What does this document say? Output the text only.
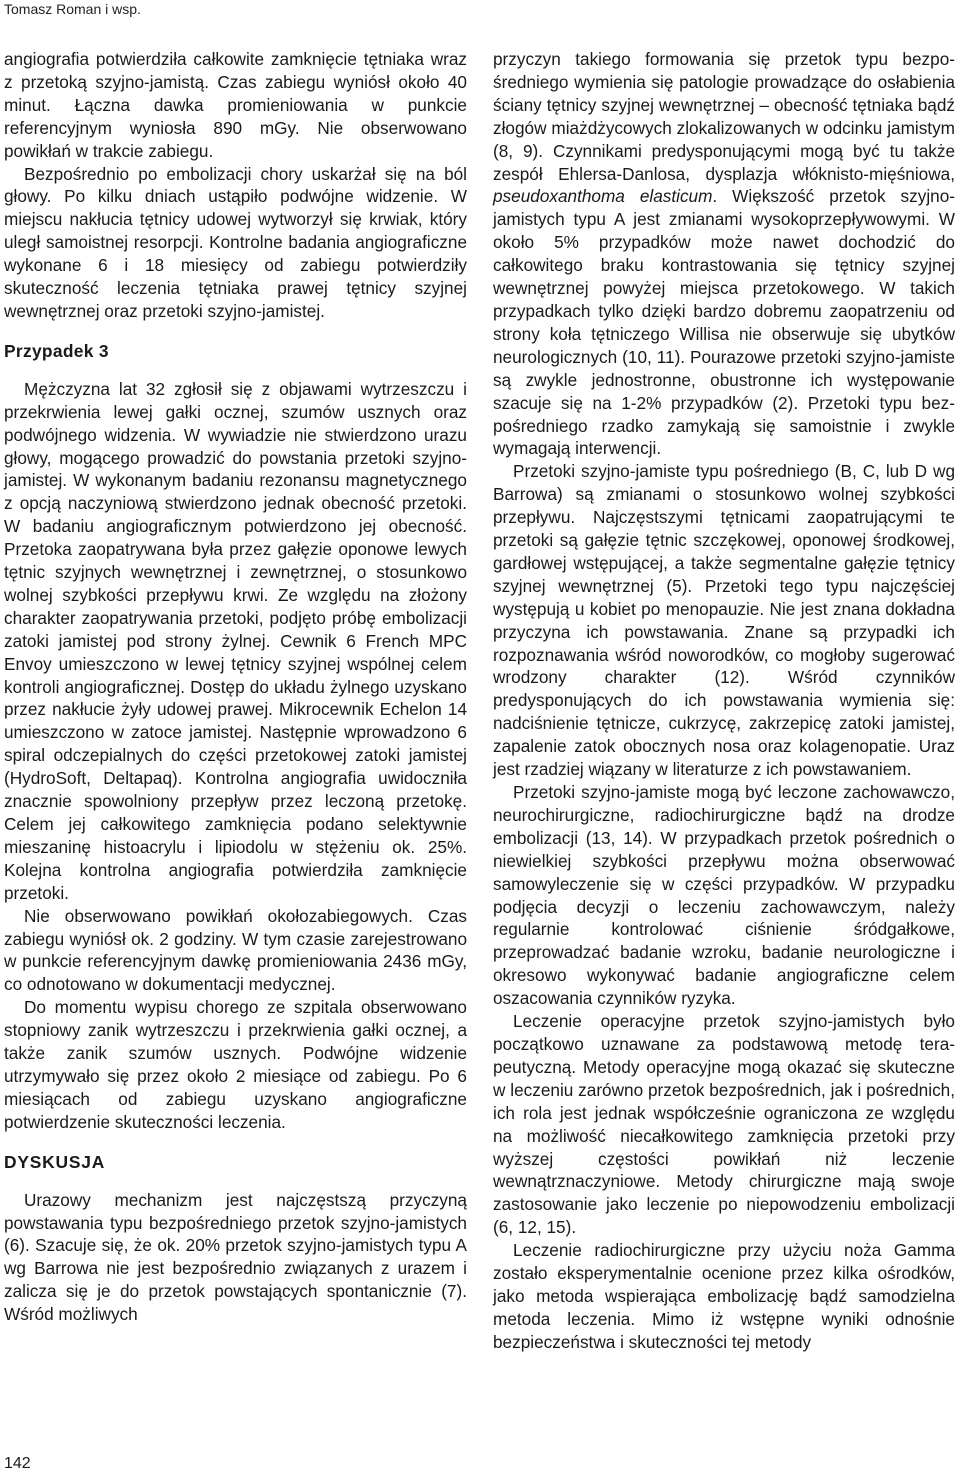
Tomasz Roman i wsp.

angiografia potwierdziła całkowite zamknięcie tętniaka wraz z przetoką szyjno-jamistą. Czas zabiegu wyniósł około 40 minut. Łączna dawka promieniowania w punkcie referencyjnym wyniosła 890 mGy. Nie obserwowano powikłań w trakcie zabiegu.

Bezpośrednio po embolizacji chory uskarżał się na ból głowy. Po kilku dniach ustąpiło podwójne widzenie. W miejscu nakłucia tętnicy udowej wytworzył się krwiak, który uległ samoistnej resorpcji. Kontrolne badania angiograficzne wykonane 6 i 18 miesięcy od zabiegu potwierdziły skuteczność leczenia tętniaka prawej tętnicy szyjnej wewnętrznej oraz przetoki szyjno-jamistej.

Przypadek 3

Mężczyzna lat 32 zgłosił się z objawami wytrzeszczu i przekrwienia lewej gałki ocznej, szumów usznych oraz podwójnego widzenia. W wywiadzie nie stwierdzono urazu głowy, mogącego prowadzić do powstania przetoki szyjno-jamistej. W wykonanym badaniu rezonansu magnetycznego z opcją naczyniową stwierdzono jednak obecność przetoki. W badaniu angiograficznym potwierdzono jej obecność. Przetoka zaopatrywana była przez gałęzie oponowe lewych tętnic szyjnych wewnętrznej i zewnętrznej, o stosunkowo wolnej szybkości przepływu krwi. Ze względu na złożony charakter zaopatrywania przetoki, podjęto próbę embolizacji zatoki jamistej pod strony żylnej. Cewnik 6 French MPC Envoy umieszczono w lewej tętnicy szyjnej wspólnej celem kontroli angiograficznej. Dostęp do układu żylnego uzyskano przez nakłucie żyły udowej prawej. Mikrocewnik Echelon 14 umieszczono w zatoce jamistej. Następnie wprowadzono 6 spiral odczepialnych do części przetokowej zatoki jamistej (HydroSoft, Deltapaq). Kontrolna angiografia uwidoczniła znacznie spowolniony przepływ przez leczoną przetokę. Celem jej całkowitego zamknięcia podano selektywnie mieszaninę histoacrylu i lipiodolu w stężeniu ok. 25%. Kolejna kontrolna angiografia potwierdziła zamknięcie przetoki.

Nie obserwowano powikłań okołozabiegowych. Czas zabiegu wyniósł ok. 2 godziny. W tym czasie zarejestrowano w punkcie referencyjnym dawkę promieniowania 2436 mGy, co odnotowano w dokumentacji medycznej.

Do momentu wypisu chorego ze szpitala obserwowano stopniowy zanik wytrzeszczu i przekrwienia gałki ocznej, a także zanik szumów usznych. Podwójne widzenie utrzymywało się przez około 2 miesiące od zabiegu. Po 6 miesiącach od zabiegu uzyskano angiograficzne potwierdzenie skuteczności leczenia.

DYSKUSJA

Urazowy mechanizm jest najczęstszą przyczyną powstawania typu bezpośredniego przetok szyjno-jamistych (6). Szacuje się, że ok. 20% przetok szyjno-jamistych typu A wg Barrowa nie jest bezpośrednio związanych z urazem i zalicza się je do przetok powstających spontanicznie (7). Wśród możliwych

przyczyn takiego formowania się przetok typu bezpośredniego wymienia się patologie prowadzące do osłabienia ściany tętnicy szyjnej wewnętrznej – obecność tętniaka bądź złogów miażdżycowych zlokalizowanych w odcinku jamistym (8, 9). Czynnikami predysponującymi mogą być tu także zespół Ehlersa-Danlosa, dysplazja włóknisto-mięśniowa, pseudoxanthoma elasticum. Większość przetok szyjno-jamistych typu A jest zmianami wysokoprzepływowymi. W około 5% przypadków może nawet dochodzić do całkowitego braku kontrastowania się tętnicy szyjnej wewnętrznej powyżej miejsca przetokowego. W takich przypadkach tylko dzięki bardzo dobremu zaopatrzeniu od strony koła tętniczego Willisa nie obserwuje się ubytków neurologicznych (10, 11). Pourazowe przetoki szyjno-jamiste są zwykle jednostronne, obustronne ich występowanie szacuje się na 1-2% przypadków (2). Przetoki typu bezpośredniego rzadko zamykają się samoistnie i zwykle wymagają interwencji.

Przetoki szyjno-jamiste typu pośredniego (B, C, lub D wg Barrowa) są zmianami o stosunkowo wolnej szybkości przepływu. Najczęstszymi tętnicami zaopatrującymi te przetoki są gałęzie tętnic szczękowej, oponowej środkowej, gardłowej wstępującej, a także segmentalne gałęzie tętnicy szyjnej wewnętrznej (5). Przetoki tego typu najczęściej występują u kobiet po menopauzie. Nie jest znana dokładna przyczyna ich powstawania. Znane są przypadki ich rozpoznawania wśród noworodków, co mogłoby sugerować wrodzony charakter (12). Wśród czynników predysponujących do ich powstawania wymienia się: nadciśnienie tętnicze, cukrzycę, zakrzepicę zatoki jamistej, zapalenie zatok obocznych nosa oraz kolagenopatie. Uraz jest rzadziej wiązany w literaturze z ich powstawaniem.

Przetoki szyjno-jamiste mogą być leczone zachowawczo, neurochirurgiczne, radiochirurgiczne bądź na drodze embolizacji (13, 14). W przypadkach przetok pośrednich o niewielkiej szybkości przepływu można obserwować samowyleczenie się w części przypadków. W przypadku podjęcia decyzji o leczeniu zachowawczym, należy regularnie kontrolować ciśnienie śródgałkowe, przeprowadzać badanie wzroku, badanie neurologiczne i okresowo wykonywać badanie angiograficzne celem oszacowania czynników ryzyka.

Leczenie operacyjne przetok szyjno-jamistych było początkowo uznawane za podstawową metodę terapeutyczną. Metody operacyjne mogą okazać się skuteczne w leczeniu zarówno przetok bezpośrednich, jak i pośrednich, ich rola jest jednak współcześnie ograniczona ze względu na możliwość niecałkowitego zamknięcia przetoki przy wyższej częstości powikłań niż leczenie wewnątrznaczyniowe. Metody chirurgiczne mają swoje zastosowanie jako leczenie po niepowodzeniu embolizacji (6, 12, 15).

Leczenie radiochirurgiczne przy użyciu noża Gamma zostało eksperymentalnie ocenione przez kilka ośrodków, jako metoda wspierająca embolizację bądź samodzielna metoda leczenia. Mimo iż wstępne wyniki odnośnie bezpieczeństwa i skuteczności tej metody

142
